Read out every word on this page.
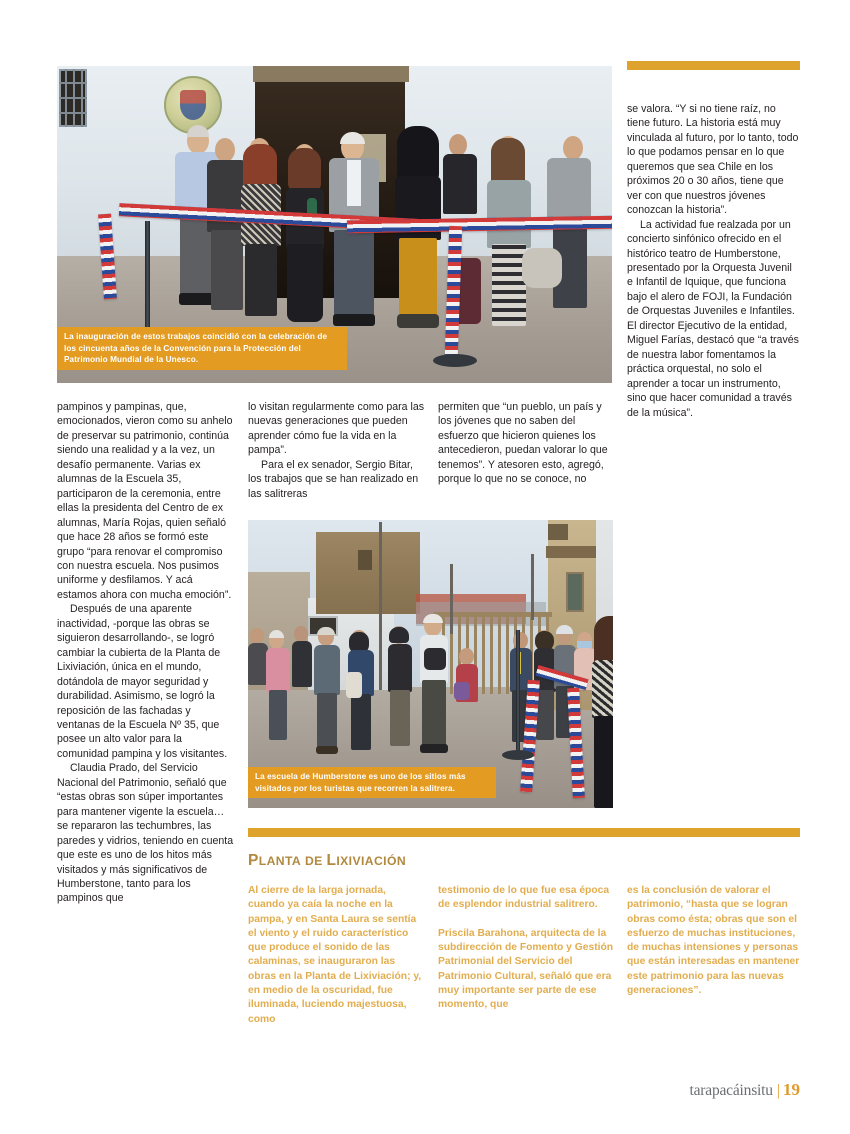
La inauguración de estos trabajos coincidió con la celebración de los cincuenta años de la Convención para la Protección del Patrimonio Mundial de la Unesco.
La escuela de Humberstone es uno de los sitios más visitados por los turistas que recorren la salitrera.

se valora. “Y si no tiene raíz, no tiene futuro. La historia está muy vinculada al futuro, por lo tanto, todo lo que podamos pensar en lo que queremos que sea Chile en los próximos 20 o 30 años, tiene que ver con que nuestros jóvenes conozcan la historia”.

La actividad fue realzada por un concierto sinfónico ofrecido en el histórico teatro de Humberstone, presentado por la Orquesta Juvenil e Infantil de Iquique, que funciona bajo el alero de FOJI, la Fundación de Orquestas Juveniles e Infantiles. El director Ejecutivo de la entidad, Miguel Farías, destacó que “a través de nuestra labor fomentamos la práctica orquestal, no solo el aprender a tocar un instrumento, sino que hacer comunidad a través de la música”.

pampinos y pampinas, que, emocionados, vieron como su anhelo de preservar su patrimonio, continúa siendo una realidad y a la vez, un desafío permanente. Varias ex alumnas de la Escuela 35, participaron de la ceremonia, entre ellas la presidenta del Centro de ex alumnas, María Rojas, quien señaló que hace 28 años se formó este grupo “para renovar el compromiso con nuestra escuela. Nos pusimos uniforme y desfilamos. Y acá estamos ahora con mucha emoción”.

Después de una aparente inactividad, -porque las obras se siguieron desarrollando-, se logró cambiar la cubierta de la Planta de Lixiviación, única en el mundo, dotándola de mayor seguridad y durabilidad. Asimismo, se logró la reposición de las fachadas y ventanas de la Escuela Nº 35, que posee un alto valor para la comunidad pampina y los visitantes.

Claudia Prado, del Servicio Nacional del Patrimonio, señaló que “estas obras son súper importantes para mantener vigente la escuela… se repararon las techumbres, las paredes y vidrios, teniendo en cuenta que este es uno de los hitos más visitados y más significativos de Humberstone, tanto para los pampinos que

lo visitan regularmente como para las nuevas generaciones que pueden aprender cómo fue la vida en la pampa”.

Para el ex senador, Sergio Bitar, los trabajos que se han realizado en las salitreras

permiten que “un pueblo, un país y los jóvenes que no saben del esfuerzo que hicieron quienes los antecedieron, puedan valorar lo que tenemos”. Y atesoren esto, agregó, porque lo que no se conoce, no

PLANTA DE LIXIVIACIÓN

Al cierre de la larga jornada, cuando ya caía la noche en la pampa, y en Santa Laura se sentía el viento y el ruido característico que produce el sonido de las calaminas, se inauguraron las obras en la Planta de Lixiviación; y, en medio de la oscuridad, fue iluminada, luciendo majestuosa, como

testimonio de lo que fue esa época de esplendor industrial salitrero.

Priscila Barahona, arquitecta de la subdirección de Fomento y Gestión Patrimonial del Servicio del Patrimonio Cultural, señaló que era muy importante ser parte de ese momento, que

es la conclusión de valorar el patrimonio, “hasta que se logran obras como ésta; obras que son el esfuerzo de muchas instituciones, de muchas intensiones y personas que están interesadas en mantener este patrimonio para las nuevas generaciones”.

tarapacáinsitu | 19
